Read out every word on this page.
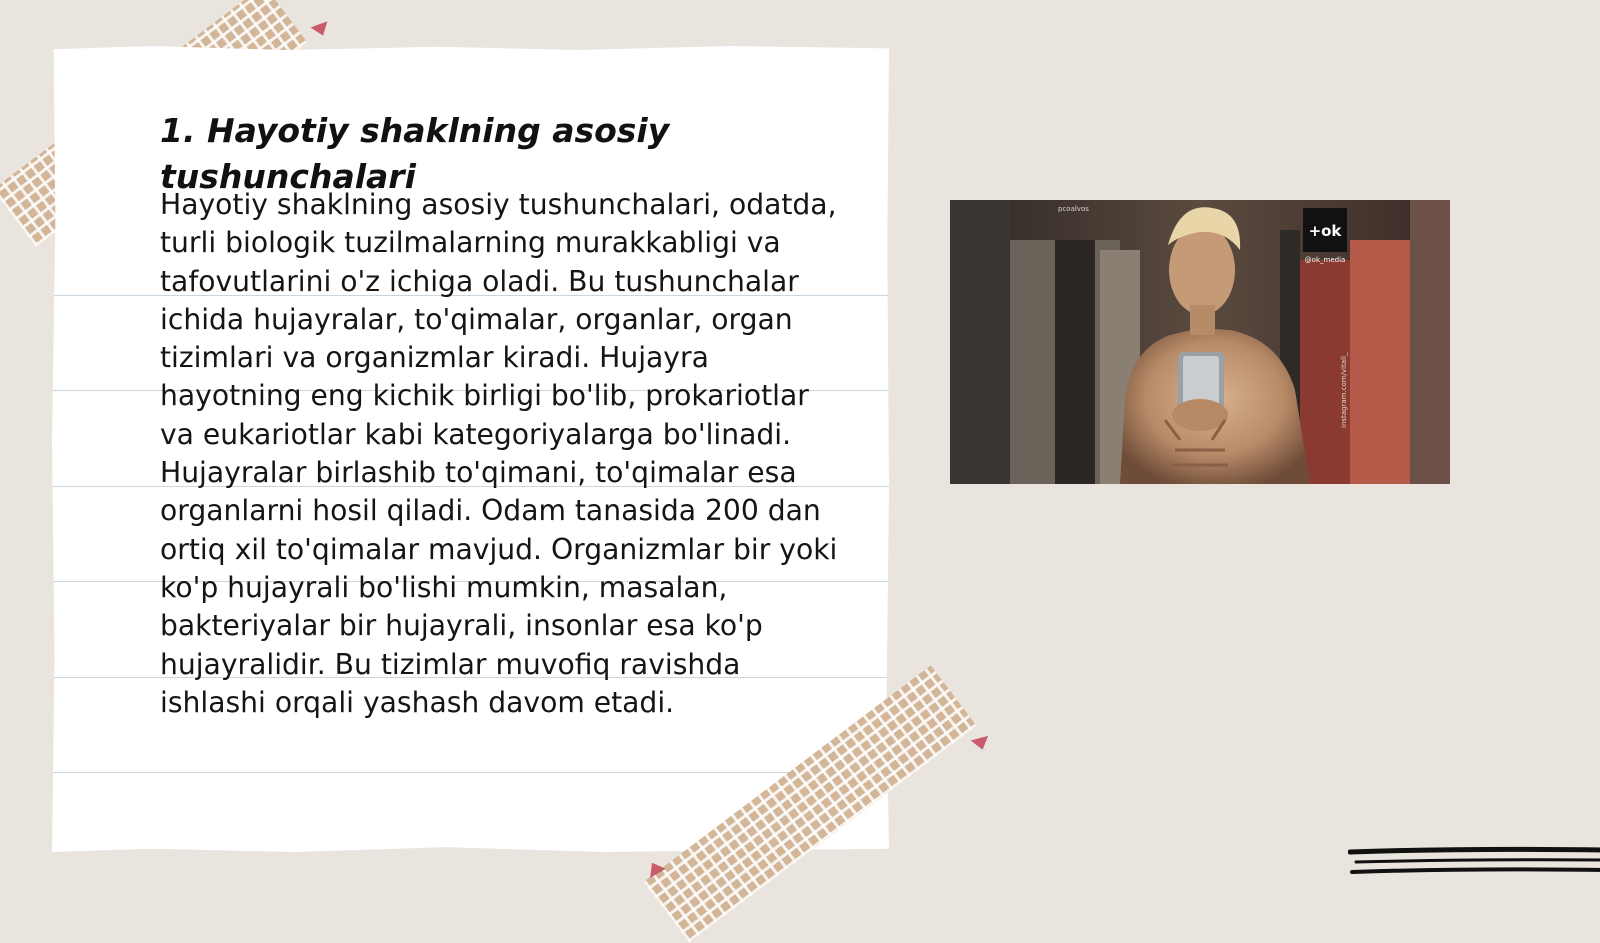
1. Hayotiy shaklning asosiy tushunchalari

Hayotiy shaklning asosiy tushunchalari, odatda, turli biologik tuzilmalarning murakkabligi va tafovutlarini o'z ichiga oladi. Bu tushunchalar ichida hujayralar, to'qimalar, organlar, organ tizimlari va organizmlar kiradi. Hujayra hayotning eng kichik birligi bo'lib, prokariotlar va eukariotlar kabi kategoriyalarga bo'linadi. Hujayralar birlashib to'qimani, to'qimalar esa organlarni hosil qiladi. Odam tanasida 200 dan ortiq xil to'qimalar mavjud. Organizmlar bir yoki ko'p hujayrali bo'lishi mumkin, masalan, bakteriyalar bir hujayrali, insonlar esa ko'p hujayralidir. Bu tizimlar muvofiq ravishda ishlashi orqali yashash davom etadi.

+ok
@ok_media
pcoalvos
instagram.com/vitali_
